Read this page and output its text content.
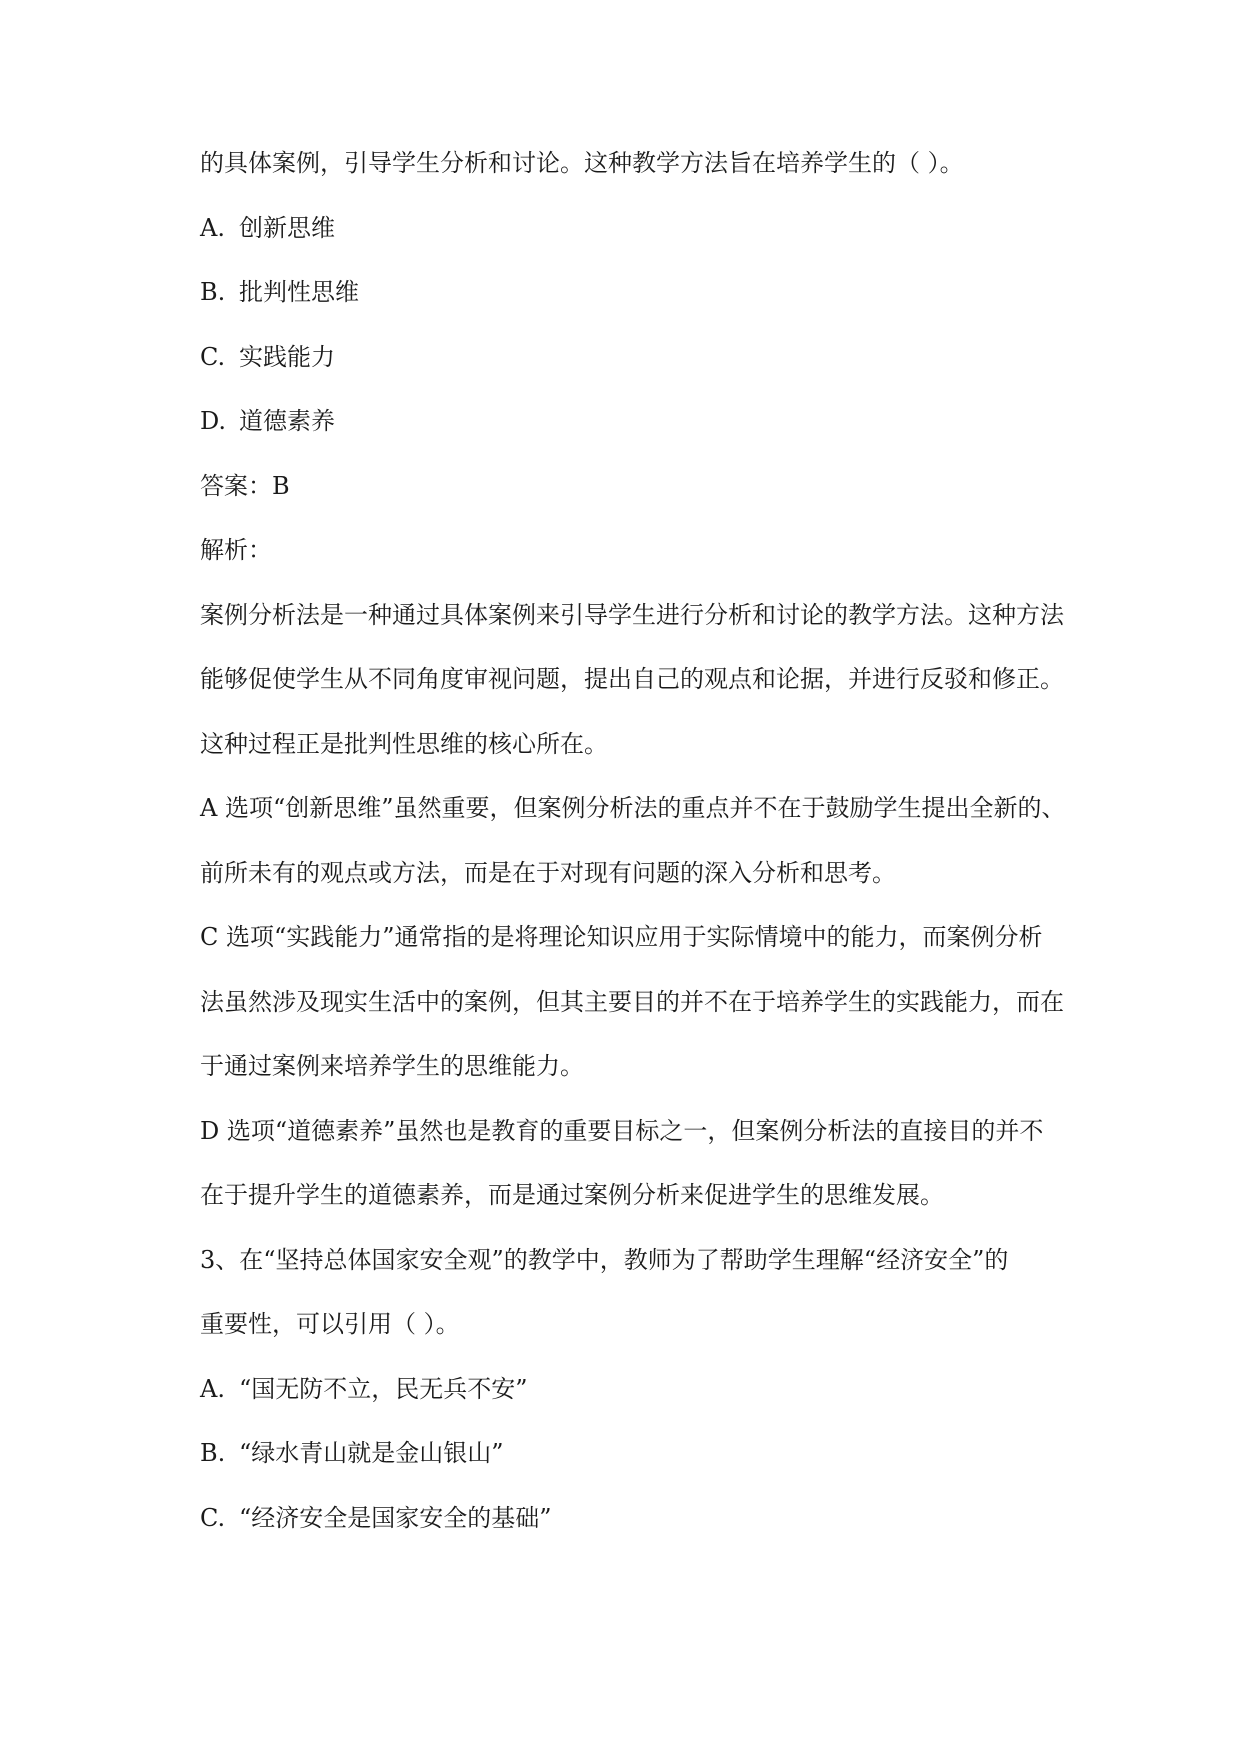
的具体案例，引导学生分析和讨论。这种教学方法旨在培养学生的（ ）。
A. 创新思维
B. 批判性思维
C. 实践能力
D. 道德素养
答案：B
解析：
案例分析法是一种通过具体案例来引导学生进行分析和讨论的教学方法。这种方法
能够促使学生从不同角度审视问题，提出自己的观点和论据，并进行反驳和修正。
这种过程正是批判性思维的核心所在。
A 选项“创新思维”虽然重要，但案例分析法的重点并不在于鼓励学生提出全新的、
前所未有的观点或方法，而是在于对现有问题的深入分析和思考。
C 选项“实践能力”通常指的是将理论知识应用于实际情境中的能力，而案例分析
法虽然涉及现实生活中的案例，但其主要目的并不在于培养学生的实践能力，而在
于通过案例来培养学生的思维能力。
D 选项“道德素养”虽然也是教育的重要目标之一，但案例分析法的直接目的并不
在于提升学生的道德素养，而是通过案例分析来促进学生的思维发展。
3、在“坚持总体国家安全观”的教学中，教师为了帮助学生理解“经济安全”的
重要性，可以引用（ ）。
A. “国无防不立，民无兵不安”
B. “绿水青山就是金山银山”
C. “经济安全是国家安全的基础”
